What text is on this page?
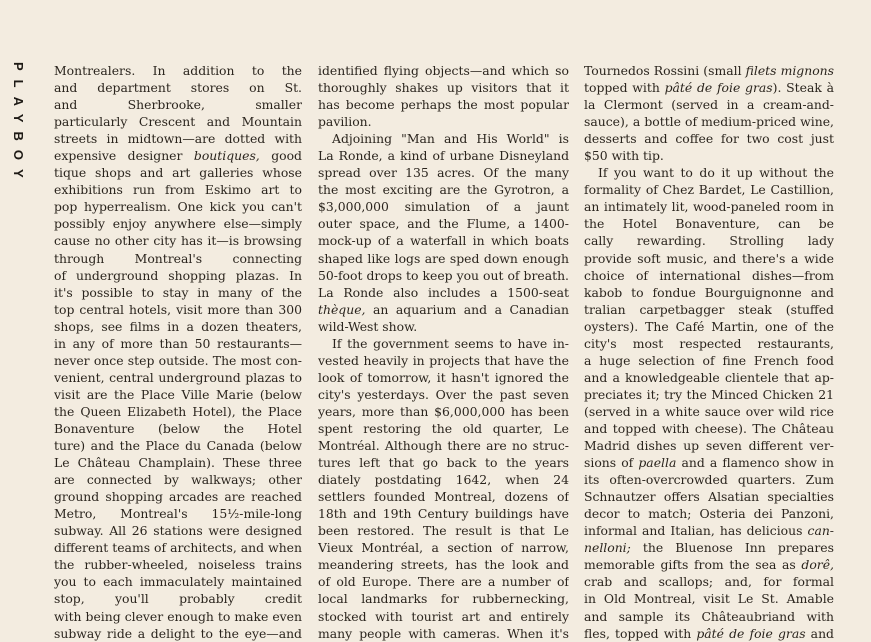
PLAYBOY Montrealers. In addition to the
and department stores on St.
and Sherbrooke, smaller
particularly Crescent and Mountain
streets in midtown—are dotted with
expensive designer boutiques, good
tique shops and art galleries whose
exhibitions run from Eskimo art to
pop hyperrealism. One kick you can't
possibly enjoy anywhere else—simply
cause no other city has it—is browsing
through Montreal's connecting
of underground shopping plazas. In
it's possible to stay in many of the
top central hotels, visit more than 300
shops, see films in a dozen theaters,
in any of more than 50 restaurants—
never once step outside. The most con-
venient, central underground plazas to
visit are the Place Ville Marie (below
the Queen Elizabeth Hotel), the Place
Bonaventure (below the Hotel
ture) and the Place du Canada (below
Le Château Champlain). These three
are connected by walkways; other
ground shopping arcades are reached
Metro, Montreal's 15½-mile-long
subway. All 26 stations were designed
different teams of architects, and when
the rubber-wheeled, noiseless trains
you to each immaculately maintained
stop, you'll probably credit
with being clever enough to make even
subway ride a delight to the eye—and
identified flying objects—and which so
thoroughly shakes up visitors that it
has become perhaps the most popular
pavilion.
Adjoining "Man and His World" is
La Ronde, a kind of urbane Disneyland
spread over 135 acres. Of the many
the most exciting are the Gyrotron, a
$3,000,000 simulation of a jaunt
outer space, and the Flume, a 1400-
mock-up of a waterfall in which boats
shaped like logs are sped down enough
50-foot drops to keep you out of breath.
La Ronde also includes a 1500-seat
thèque, an aquarium and a Canadian
wild-West show.
If the government seems to have in-
vested heavily in projects that have the
look of tomorrow, it hasn't ignored the
city's yesterdays. Over the past seven
years, more than $6,000,000 has been
spent restoring the old quarter, Le
Montréal. Although there are no struc-
tures left that go back to the years
diately postdating 1642, when 24
settlers founded Montreal, dozens of
18th and 19th Century buildings have
been restored. The result is that Le
Vieux Montréal, a section of narrow,
meandering streets, has the look and
of old Europe. There are a number of
local landmarks for rubbernecking,
stocked with tourist art and entirely
many people with cameras. When it's
Tournedos Rossini (small filets mignons
topped with pâté de foie gras). Steak à
la Clermont (served in a cream-and-
sauce), a bottle of medium-priced wine,
desserts and coffee for two cost just
$50 with tip.
If you want to do it up without the
formality of Chez Bardet, Le Castillion,
an intimately lit, wood-paneled room in
the Hotel Bonaventure, can be
cally rewarding. Strolling lady
provide soft music, and there's a wide
choice of international dishes—from
kabob to fondue Bourguignonne and
tralian carpetbagger steak (stuffed
oysters). The Café Martin, one of the
city's most respected restaurants,
a huge selection of fine French food
and a knowledgeable clientele that ap-
preciates it; try the Minced Chicken 21
(served in a white sauce over wild rice
and topped with cheese). The Château
Madrid dishes up seven different ver-
sions of paella and a flamenco show in
its often-overcrowded quarters. Zum
Schnautzer offers Alsatian specialties
decor to match; Osteria dei Panzoni,
informal and Italian, has delicious can-
nelloni; the Bluenose Inn prepares
memorable gifts from the sea as dorê,
crab and scallops; and, for formal
in Old Montreal, visit Le St. Amable
and sample its Châteaubriand with
fles, topped with pâté de foie gras and
